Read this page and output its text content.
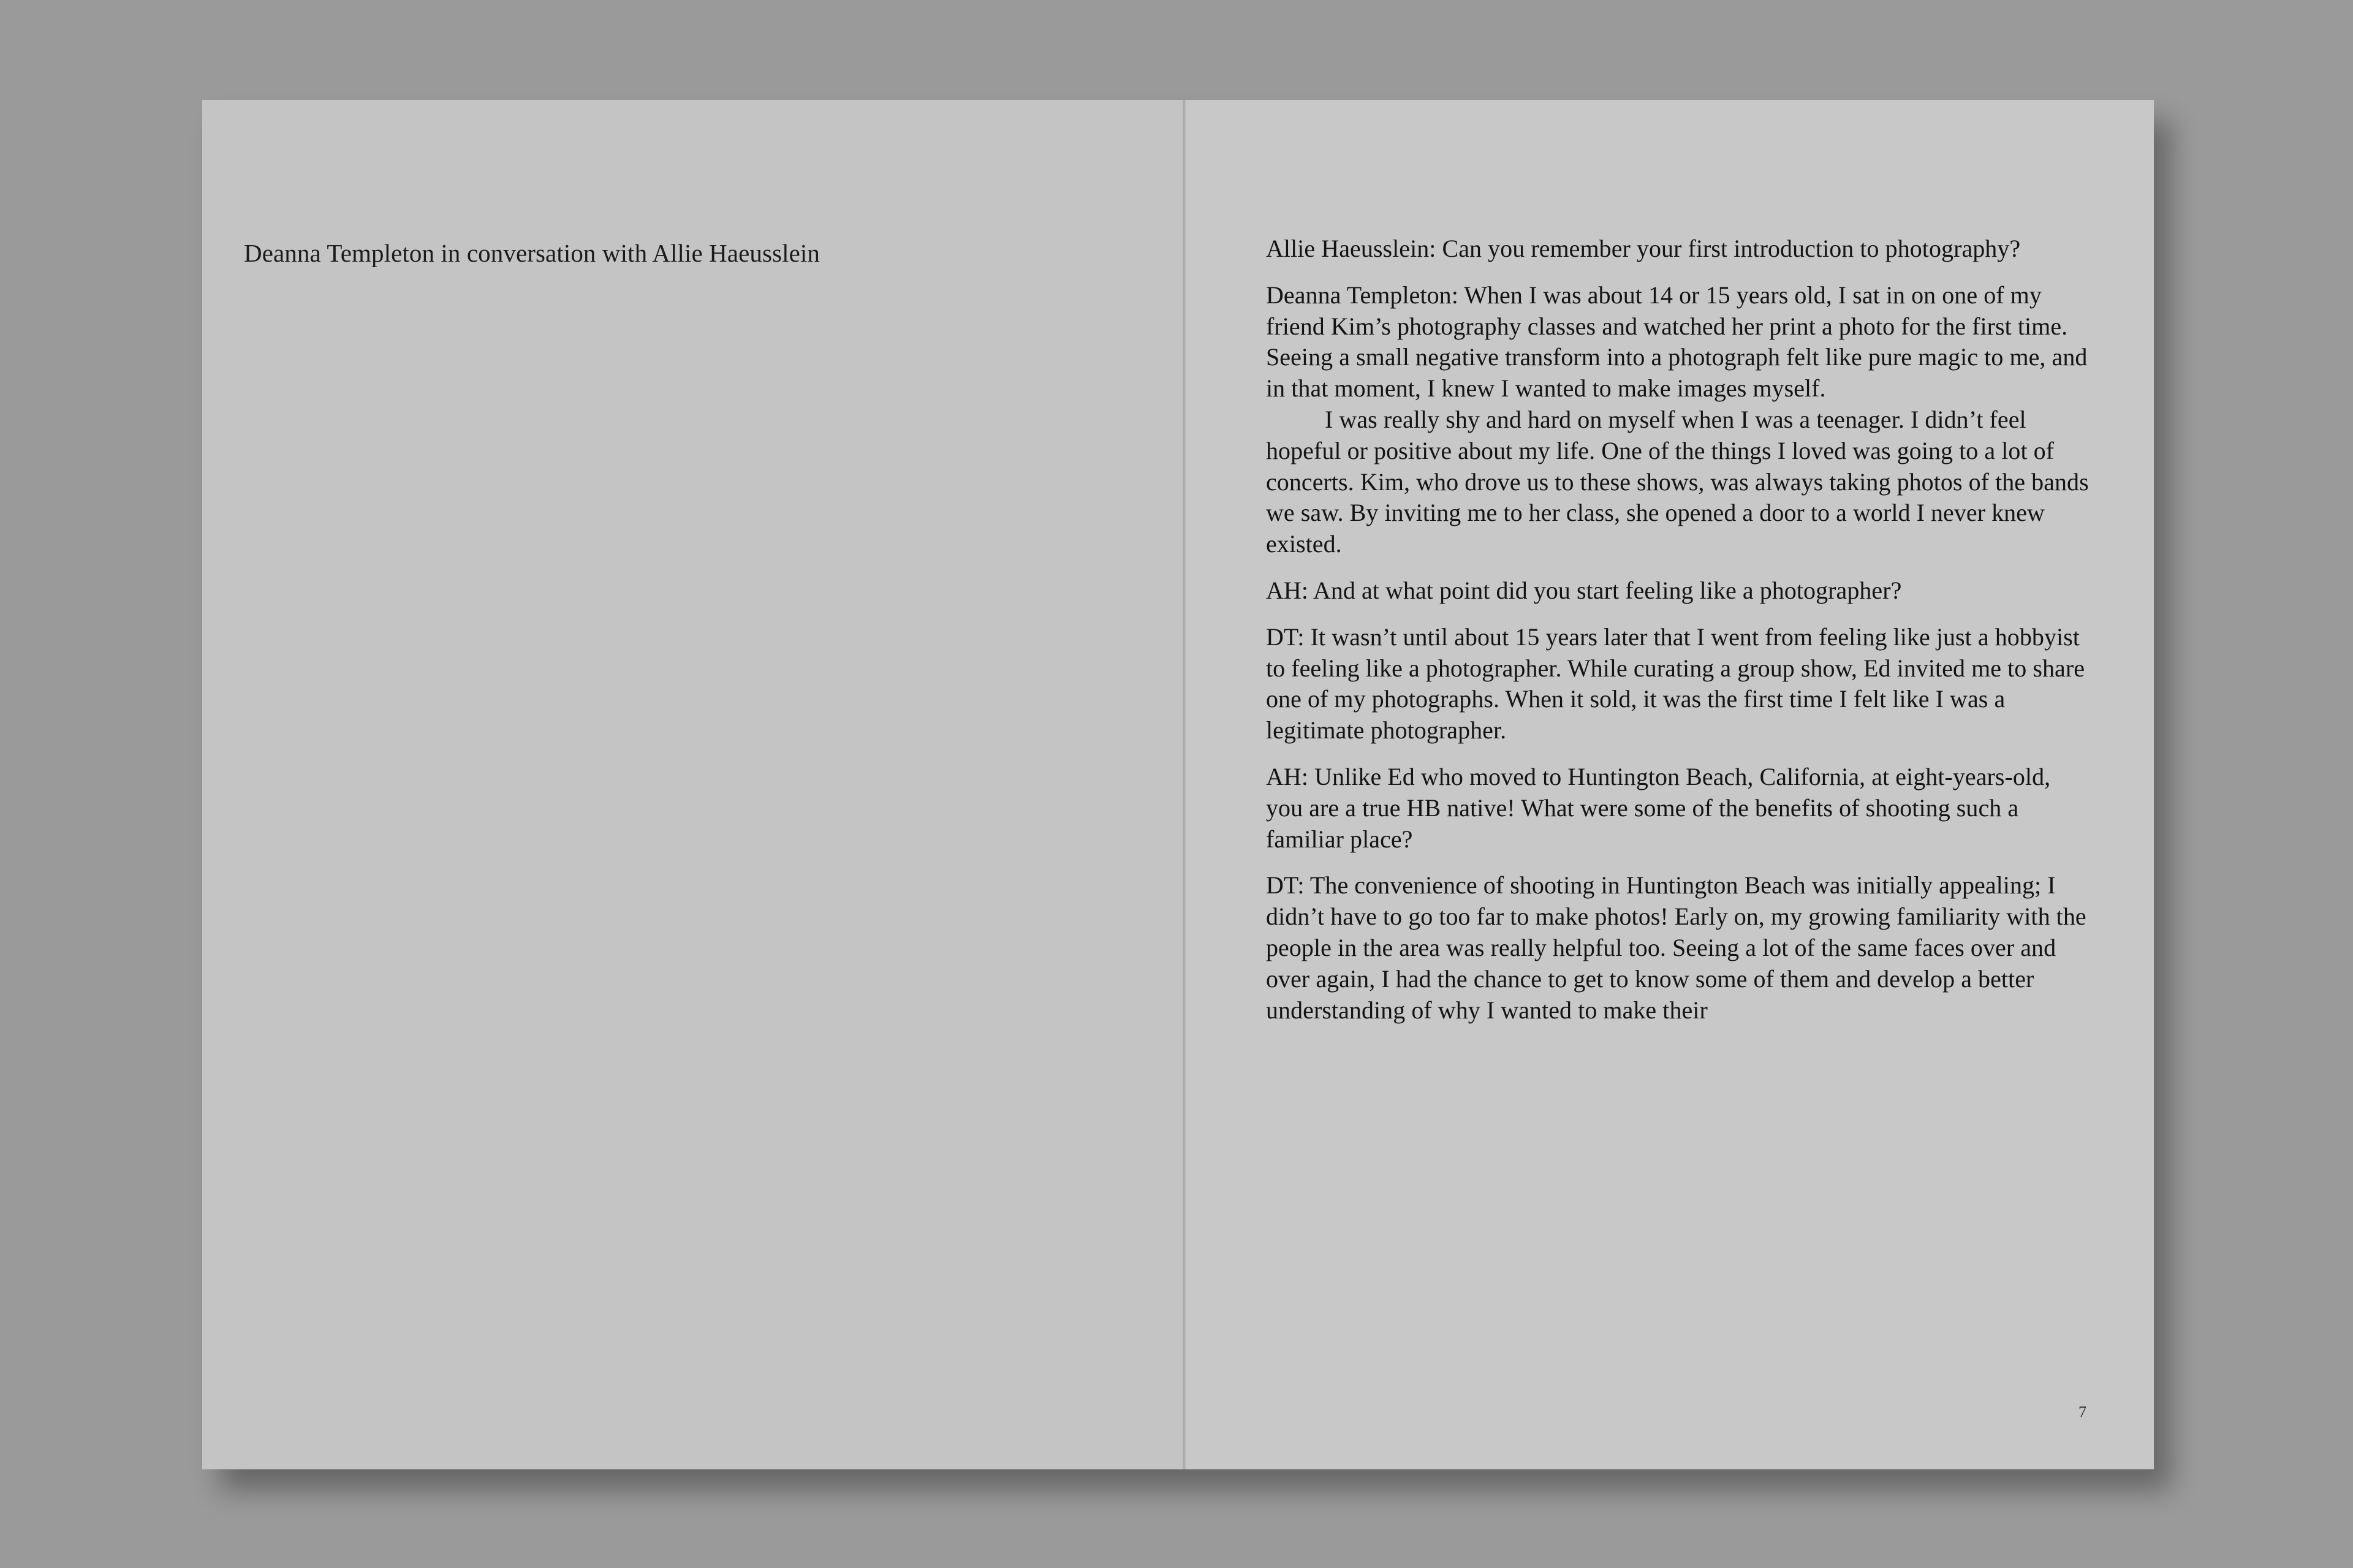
Deanna Templeton in conversation with Allie Haeusslein	Allie Haeusslein: Can you remember your first introduction to photography?

Deanna Templeton: When I was about 14 or 15 years old, I sat in on one of my friend Kim’s photography classes and watched her print a photo for the first time. Seeing a small negative transform into a photograph felt like pure magic to me, and in that moment, I knew I wanted to make images myself.

I was really shy and hard on myself when I was a teenager. I didn’t feel hopeful or positive about my life. One of the things I loved was going to a lot of concerts. Kim, who drove us to these shows, was always taking photos of the bands we saw. By inviting me to her class, she opened a door to a world I never knew existed.

AH: And at what point did you start feeling like a photographer?

DT: It wasn’t until about 15 years later that I went from feeling like just a hobbyist to feeling like a photographer. While curating a group show, Ed invited me to share one of my photographs. When it sold, it was the first time I felt like I was a legitimate photographer.

AH: Unlike Ed who moved to Huntington Beach, California, at eight-years-old, you are a true HB native! What were some of the benefits of shooting such a familiar place?

DT: The convenience of shooting in Huntington Beach was initially appealing; I didn’t have to go too far to make photos! Early on, my growing familiarity with the people in the area was really helpful too. Seeing a lot of the same faces over and over again, I had the chance to get to know some of them and develop a better understanding of why I wanted to make their

7
